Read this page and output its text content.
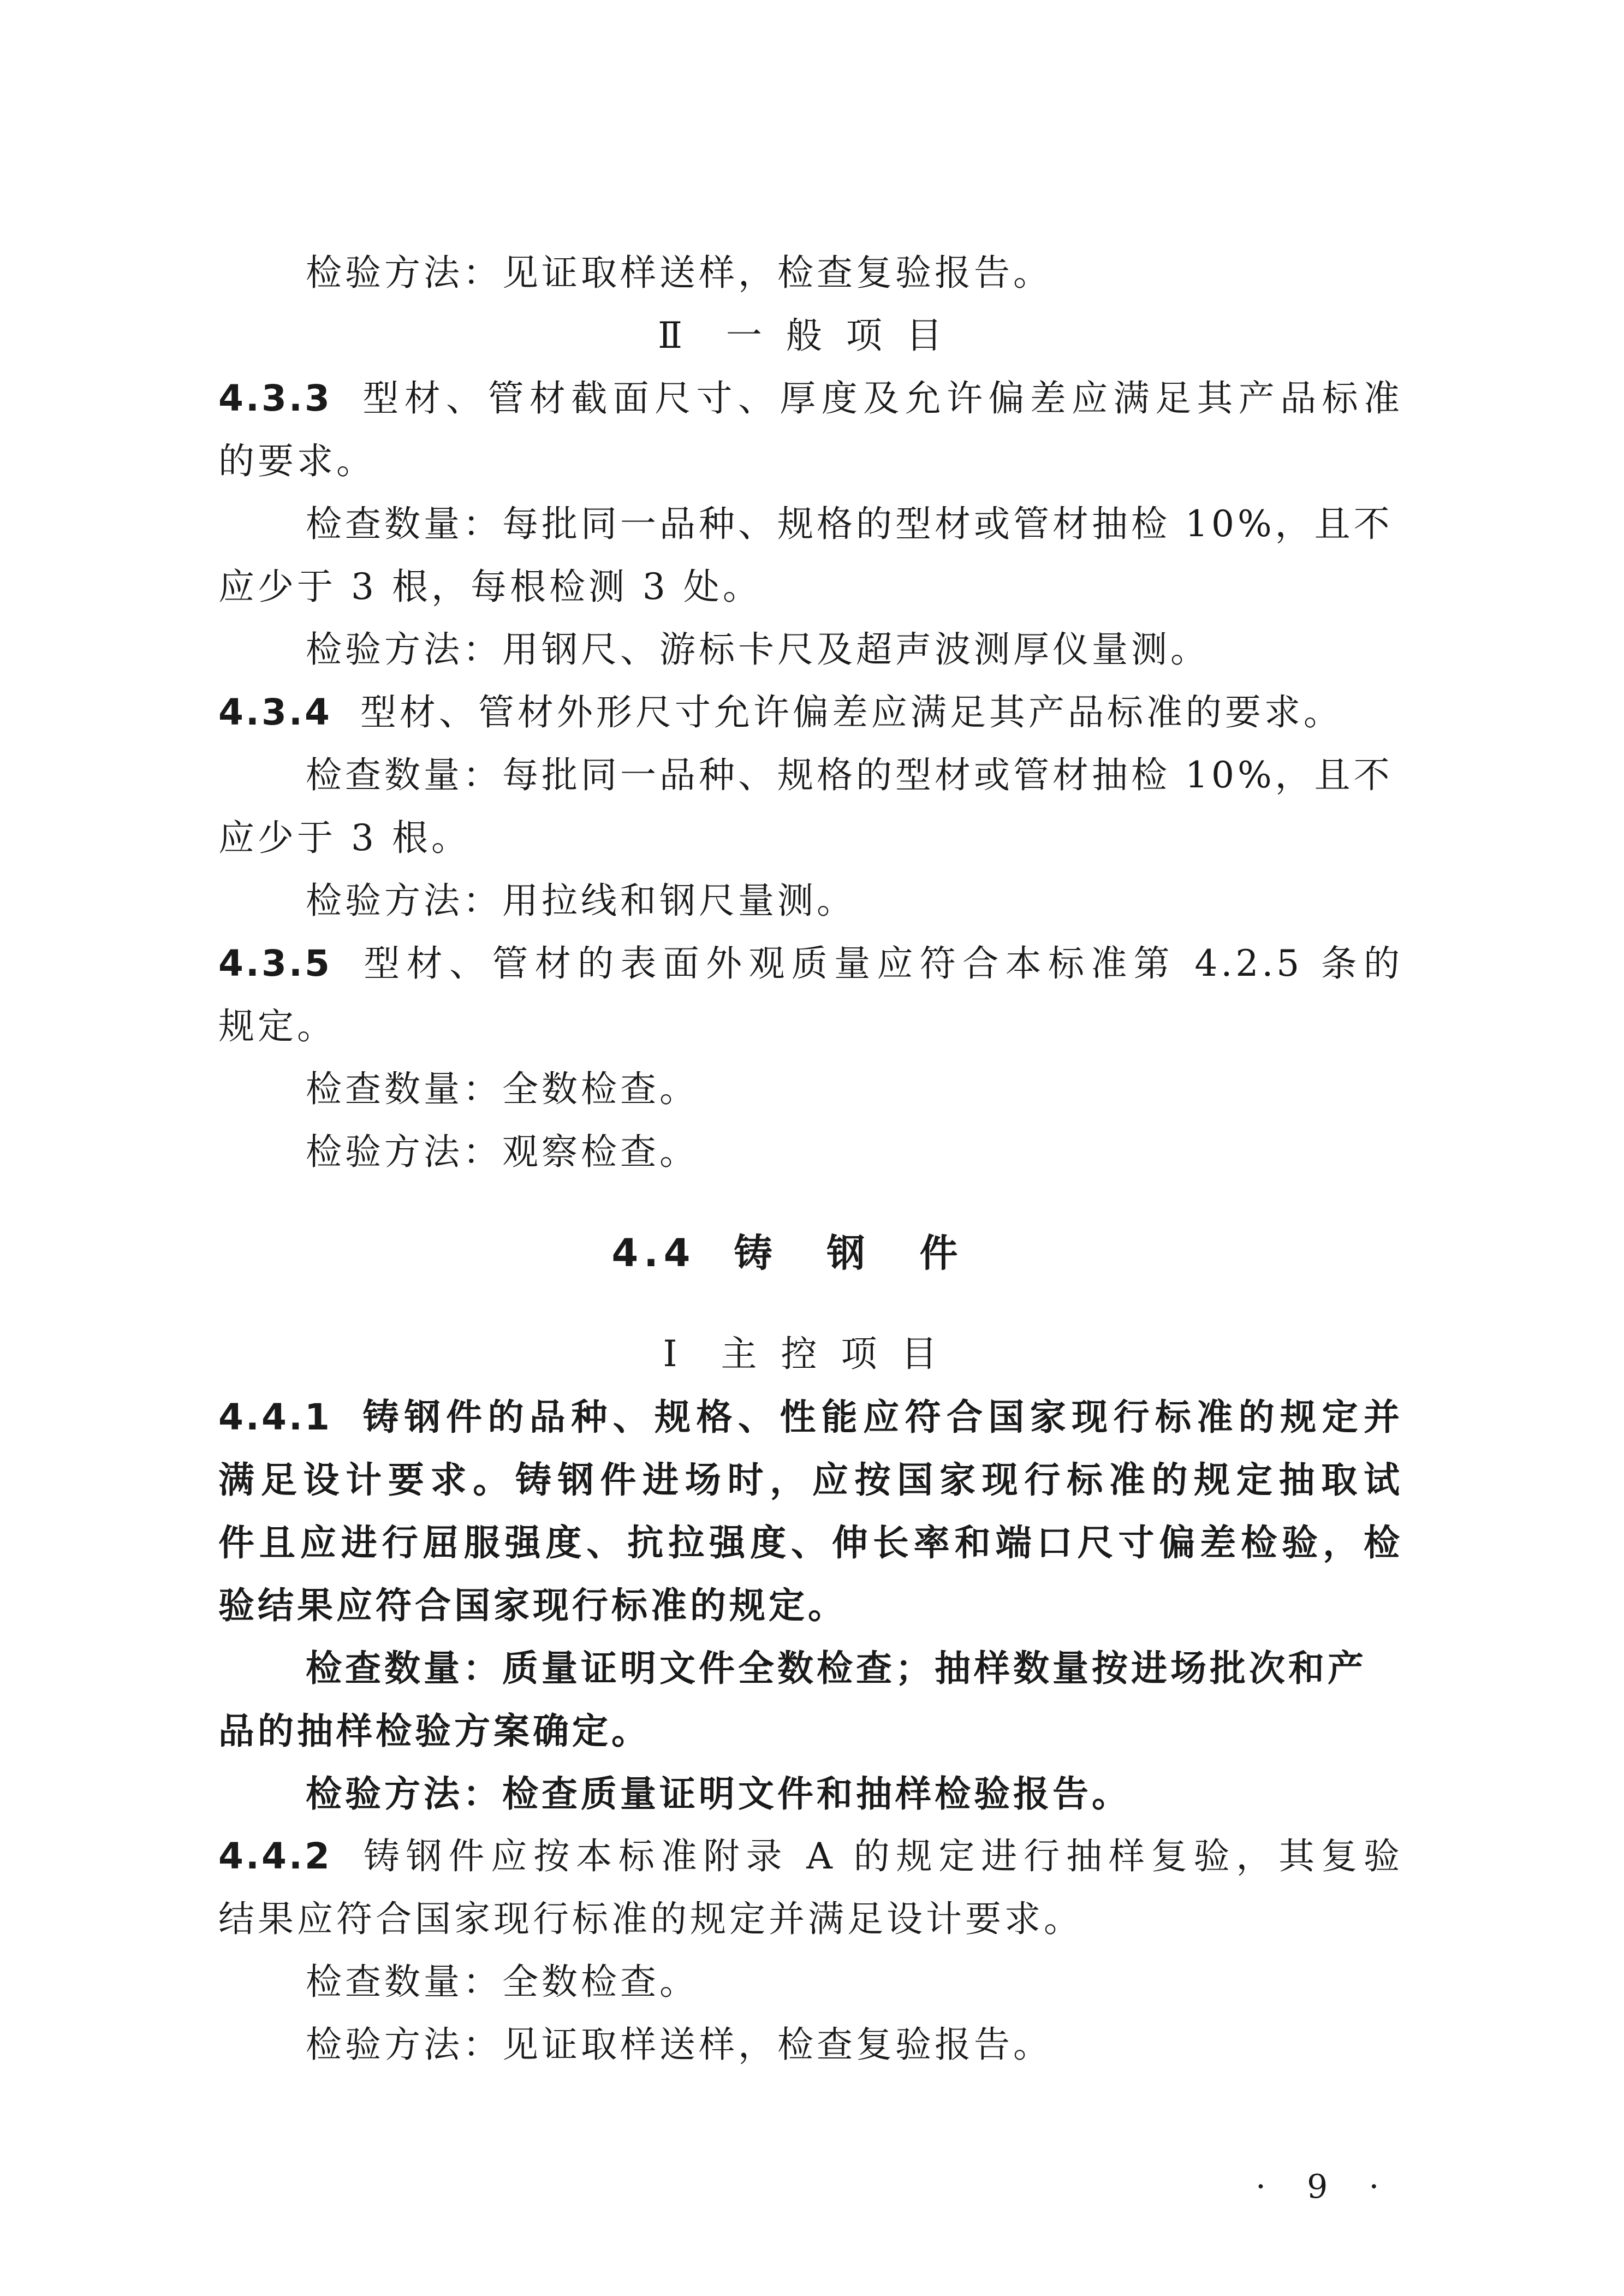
检验方法：见证取样送样，检查复验报告。
Ⅱ 一般项目
4.3.3 型材、管材截面尺寸、厚度及允许偏差应满足其产品标准
的要求。
检查数量：每批同一品种、规格的型材或管材抽检 10%，且不
应少于 3 根，每根检测 3 处。
检验方法：用钢尺、游标卡尺及超声波测厚仪量测。
4.3.4 型材、管材外形尺寸允许偏差应满足其产品标准的要求。
检查数量：每批同一品种、规格的型材或管材抽检 10%，且不
应少于 3 根。
检验方法：用拉线和钢尺量测。
4.3.5 型材、管材的表面外观质量应符合本标准第 4.2.5 条的
规定。
检查数量：全数检查。
检验方法：观察检查。
4.4 铸钢件
Ⅰ 主控项目
4.4.1 铸钢件的品种、规格、性能应符合国家现行标准的规定并
满足设计要求。铸钢件进场时，应按国家现行标准的规定抽取试
件且应进行屈服强度、抗拉强度、伸长率和端口尺寸偏差检验，检
验结果应符合国家现行标准的规定。
检查数量：质量证明文件全数检查；抽样数量按进场批次和产
品的抽样检验方案确定。
检验方法：检查质量证明文件和抽样检验报告。
4.4.2 铸钢件应按本标准附录 A 的规定进行抽样复验，其复验
结果应符合国家现行标准的规定并满足设计要求。
检查数量：全数检查。
检验方法：见证取样送样，检查复验报告。
· 9 ·
